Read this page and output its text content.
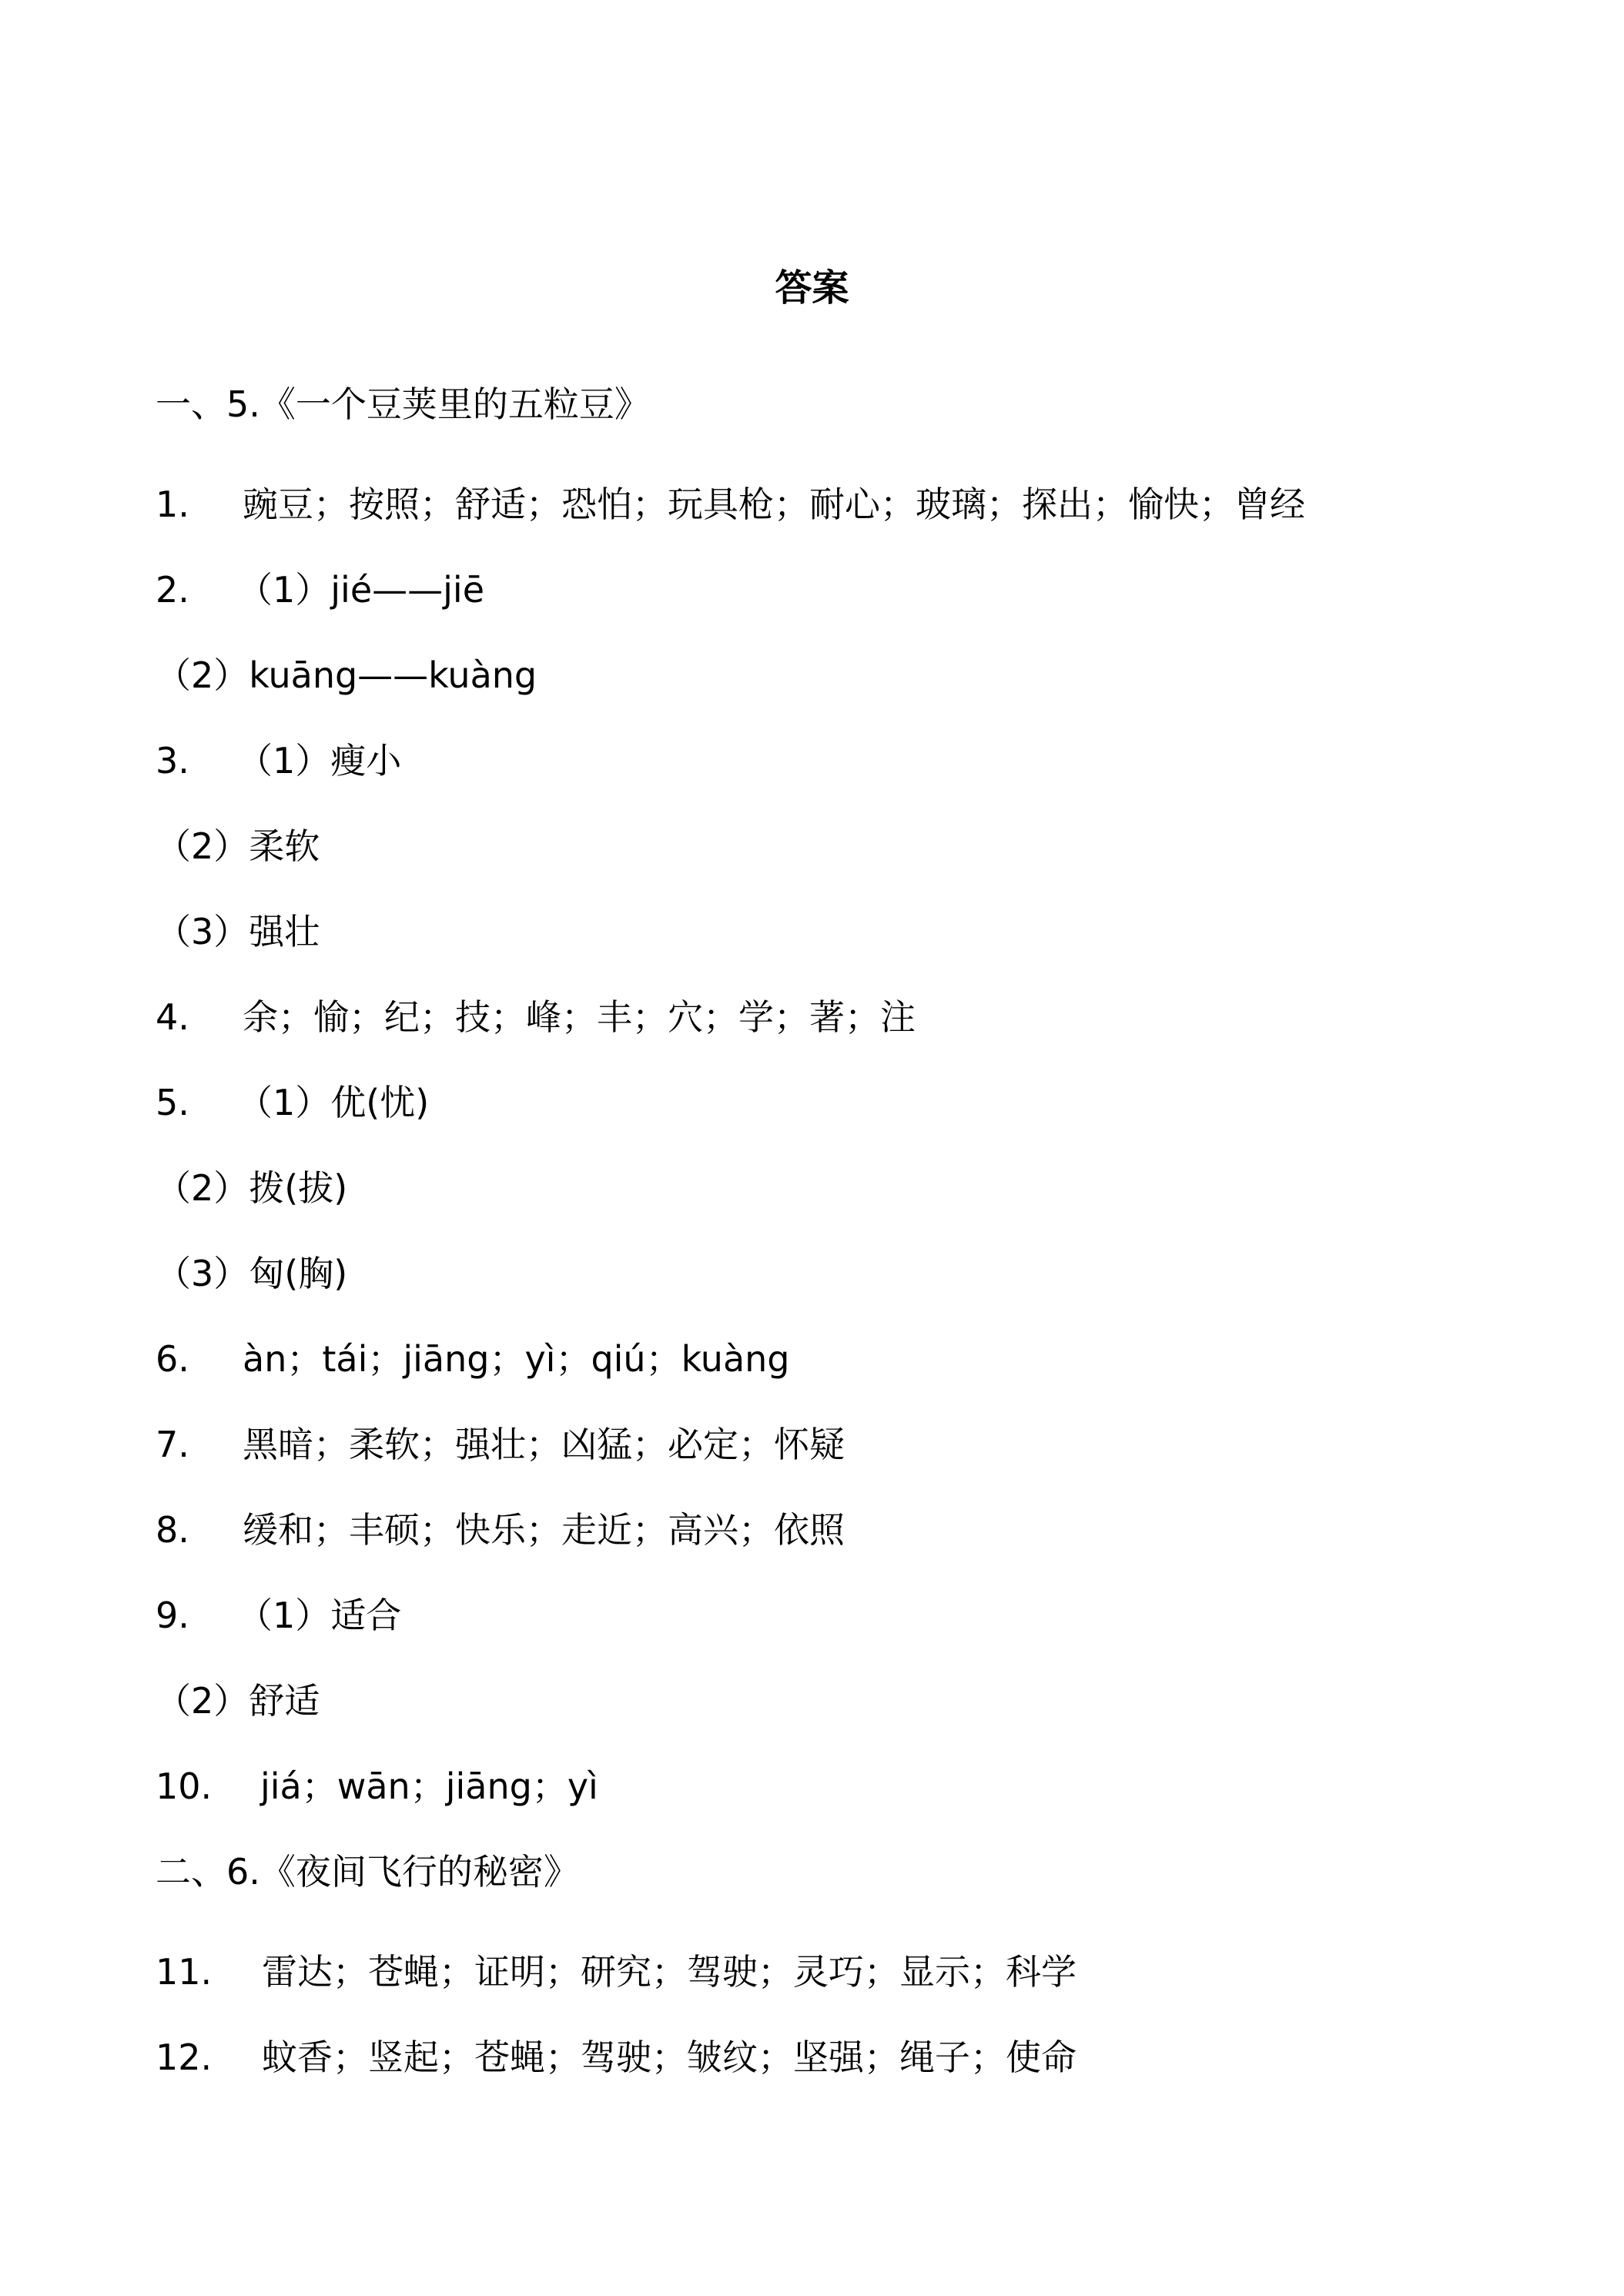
答案
一、5.《一个豆荚里的五粒豆》
1. 豌豆；按照；舒适；恐怕；玩具枪；耐心；玻璃；探出；愉快；曾经
2. （1）jié——jiē
（2）kuāng——kuàng
3. （1）瘦小
（2）柔软
（3）强壮
4. 余；愉；纪；技；峰；丰；穴；学；著；注
5. （1）优(忧)
（2）拨(拔)
（3）匈(胸)
6. àn；tái；jiāng；yì；qiú；kuàng
7. 黑暗；柔软；强壮；凶猛；必定；怀疑
8. 缓和；丰硕；快乐；走近；高兴；依照
9. （1）适合
（2）舒适
10. jiá；wān；jiāng；yì
二、6.《夜间飞行的秘密》
11. 雷达；苍蝇；证明；研究；驾驶；灵巧；显示；科学
12. 蚊香；竖起；苍蝇；驾驶；皱纹；坚强；绳子；使命
